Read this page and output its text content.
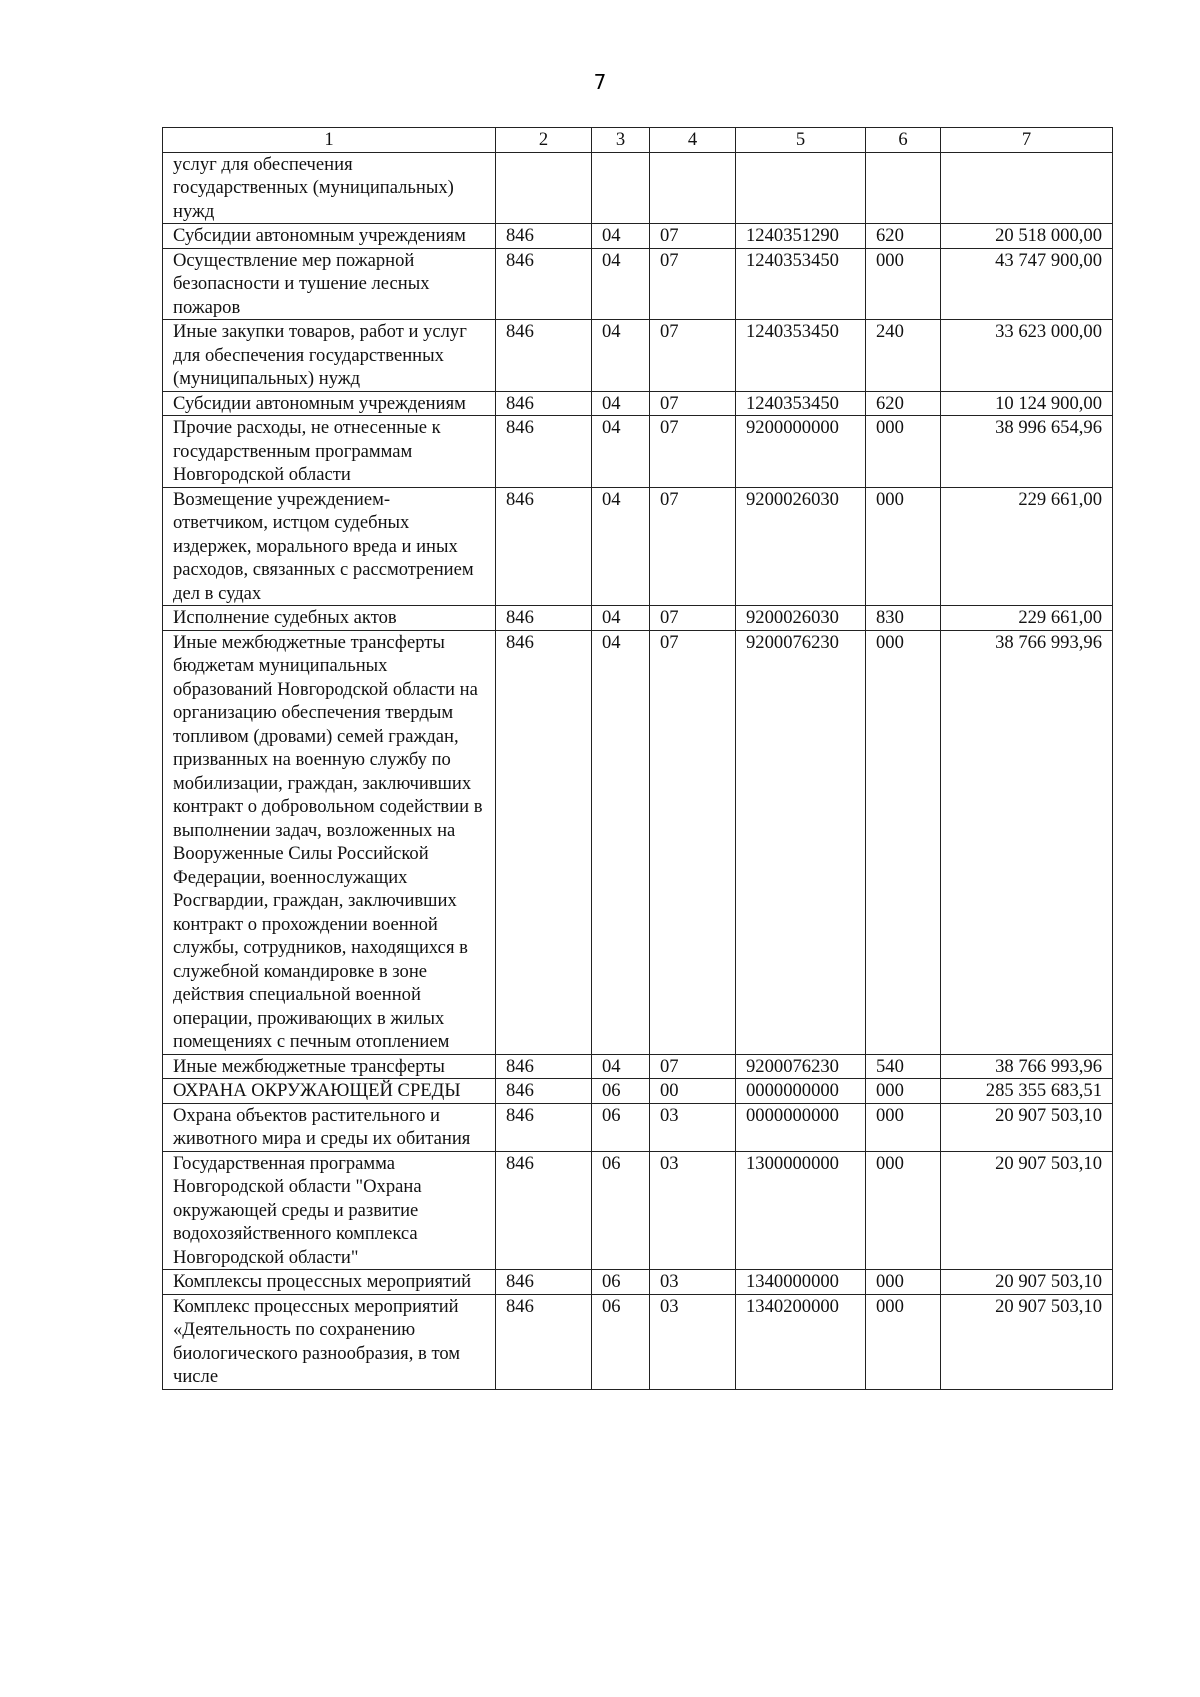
7
1	2	3	4	5	6	7
услуг для обеспечения государственных (муниципальных) нужд						
Субсидии автономным учреждениям	846	04	07	1240351290	620	20 518 000,00
Осуществление мер пожарной безопасности и тушение лесных пожаров	846	04	07	1240353450	000	43 747 900,00
Иные закупки товаров, работ и услуг для обеспечения государственных (муниципальных) нужд	846	04	07	1240353450	240	33 623 000,00
Субсидии автономным учреждениям	846	04	07	1240353450	620	10 124 900,00
Прочие расходы, не отнесенные к государственным программам Новгородской области	846	04	07	9200000000	000	38 996 654,96
Возмещение учреждением-ответчиком, истцом судебных издержек, морального вреда и иных расходов, связанных с рассмотрением дел в судах	846	04	07	9200026030	000	229 661,00
Исполнение судебных актов	846	04	07	9200026030	830	229 661,00
Иные межбюджетные трансферты бюджетам муниципальных образований Новгородской области на организацию обеспечения твердым топливом (дровами) семей граждан, призванных на военную службу по мобилизации, граждан, заключивших контракт о добровольном содействии в выполнении задач, возложенных на Вооруженные Силы Российской Федерации, военнослужащих Росгвардии, граждан, заключивших контракт о прохождении военной службы, сотрудников, находящихся в служебной командировке в зоне действия специальной военной операции, проживающих в жилых помещениях с печным отоплением	846	04	07	9200076230	000	38 766 993,96
Иные межбюджетные трансферты	846	04	07	9200076230	540	38 766 993,96
ОХРАНА ОКРУЖАЮЩЕЙ СРЕДЫ	846	06	00	0000000000	000	285 355 683,51
Охрана объектов растительного и животного мира и среды их обитания	846	06	03	0000000000	000	20 907 503,10
Государственная программа Новгородской области "Охрана окружающей среды и развитие водохозяйственного комплекса Новгородской области"	846	06	03	1300000000	000	20 907 503,10
Комплексы процессных мероприятий	846	06	03	1340000000	000	20 907 503,10
Комплекс процессных мероприятий «Деятельность по сохранению биологического разнообразия, в том числе	846	06	03	1340200000	000	20 907 503,10
